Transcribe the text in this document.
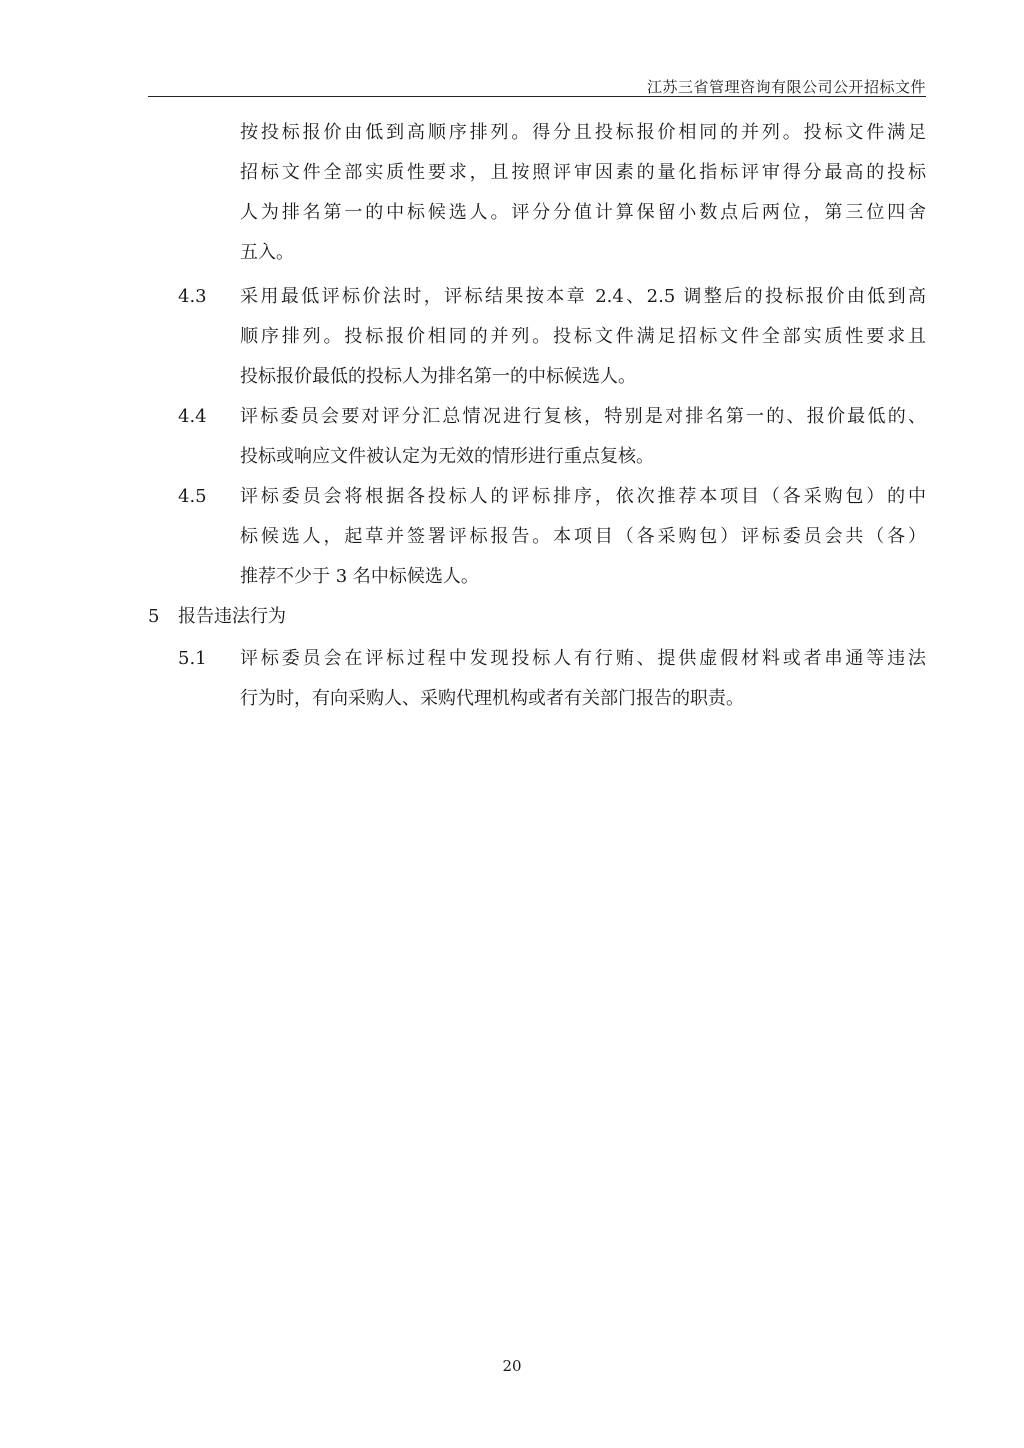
江苏三省管理咨询有限公司公开招标文件
按投标报价由低到高顺序排列。得分且投标报价相同的并列。投标文件满足
招标文件全部实质性要求，且按照评审因素的量化指标评审得分最高的投标
人为排名第一的中标候选人。评分分值计算保留小数点后两位，第三位四舍
五入。
4.3 采用最低评标价法时，评标结果按本章 2.4、2.5 调整后的投标报价由低到高
顺序排列。投标报价相同的并列。投标文件满足招标文件全部实质性要求且
投标报价最低的投标人为排名第一的中标候选人。
4.4 评标委员会要对评分汇总情况进行复核，特别是对排名第一的、报价最低的、
投标或响应文件被认定为无效的情形进行重点复核。
4.5 评标委员会将根据各投标人的评标排序，依次推荐本项目（各采购包）的中
标候选人，起草并签署评标报告。本项目（各采购包）评标委员会共（各）
推荐不少于 3 名中标候选人。
5 报告违法行为
5.1 评标委员会在评标过程中发现投标人有行贿、提供虚假材料或者串通等违法
行为时，有向采购人、采购代理机构或者有关部门报告的职责。
20
